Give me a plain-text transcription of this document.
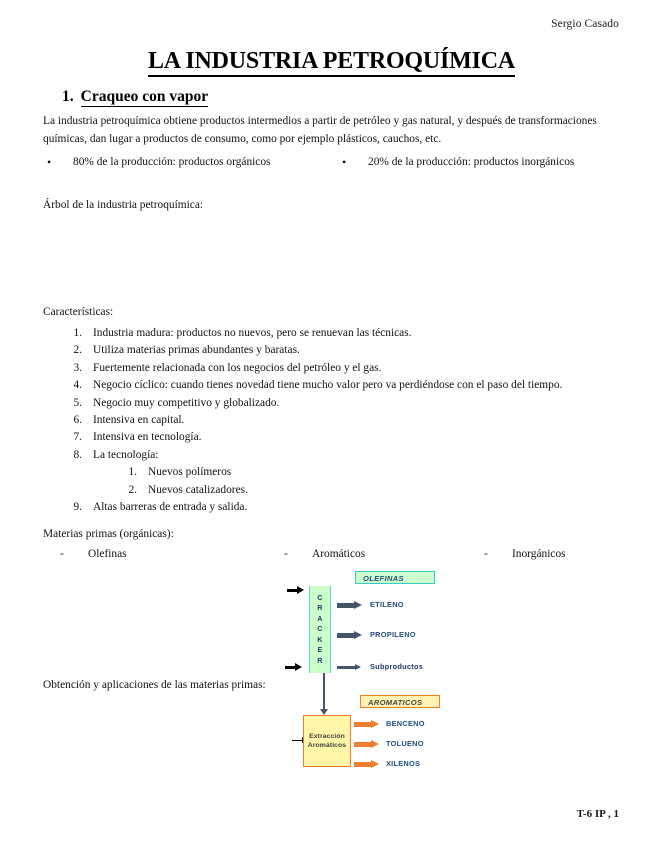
Sergio Casado
LA INDUSTRIA PETROQUÍMICA
1. Craqueo con vapor
La industria petroquímica obtiene productos intermedios a partir de petróleo y gas natural, y después de transformaciones químicas, dan lugar a productos de consumo, como por ejemplo plásticos, cauchos, etc.
•	80% de la producción: productos orgánicos	•	20% de la producción: productos inorgánicos
Árbol de la industria petroquímica:
Características:
1. Industria madura: productos no nuevos, pero se renuevan las técnicas.
2. Utiliza materias primas abundantes y baratas.
3. Fuertemente relacionada con los negocios del petróleo y el gas.
4. Negocio cíclico: cuando tienes novedad tiene mucho valor pero va perdiéndose con el paso del tiempo.
5. Negocio muy competitivo y globalizado.
6. Intensiva en capital.
7. Intensiva en tecnología.
8. La tecnología:
1. Nuevos polímeros
2. Nuevos catalizadores.
9. Altas barreras de entrada y salida.
Materias primas (orgánicas):
-	Olefinas	-	Aromáticos	-	Inorgánicos
Obtención y aplicaciones de las materias primas:
OLEFINAS
C
R
A
C
K
E
R
ETILENO
PROPILENO
Subproductos
AROMATICOS
Extracción
Aromáticos
BENCENO
TOLUENO
XILENOS
T-6 IP , 1
